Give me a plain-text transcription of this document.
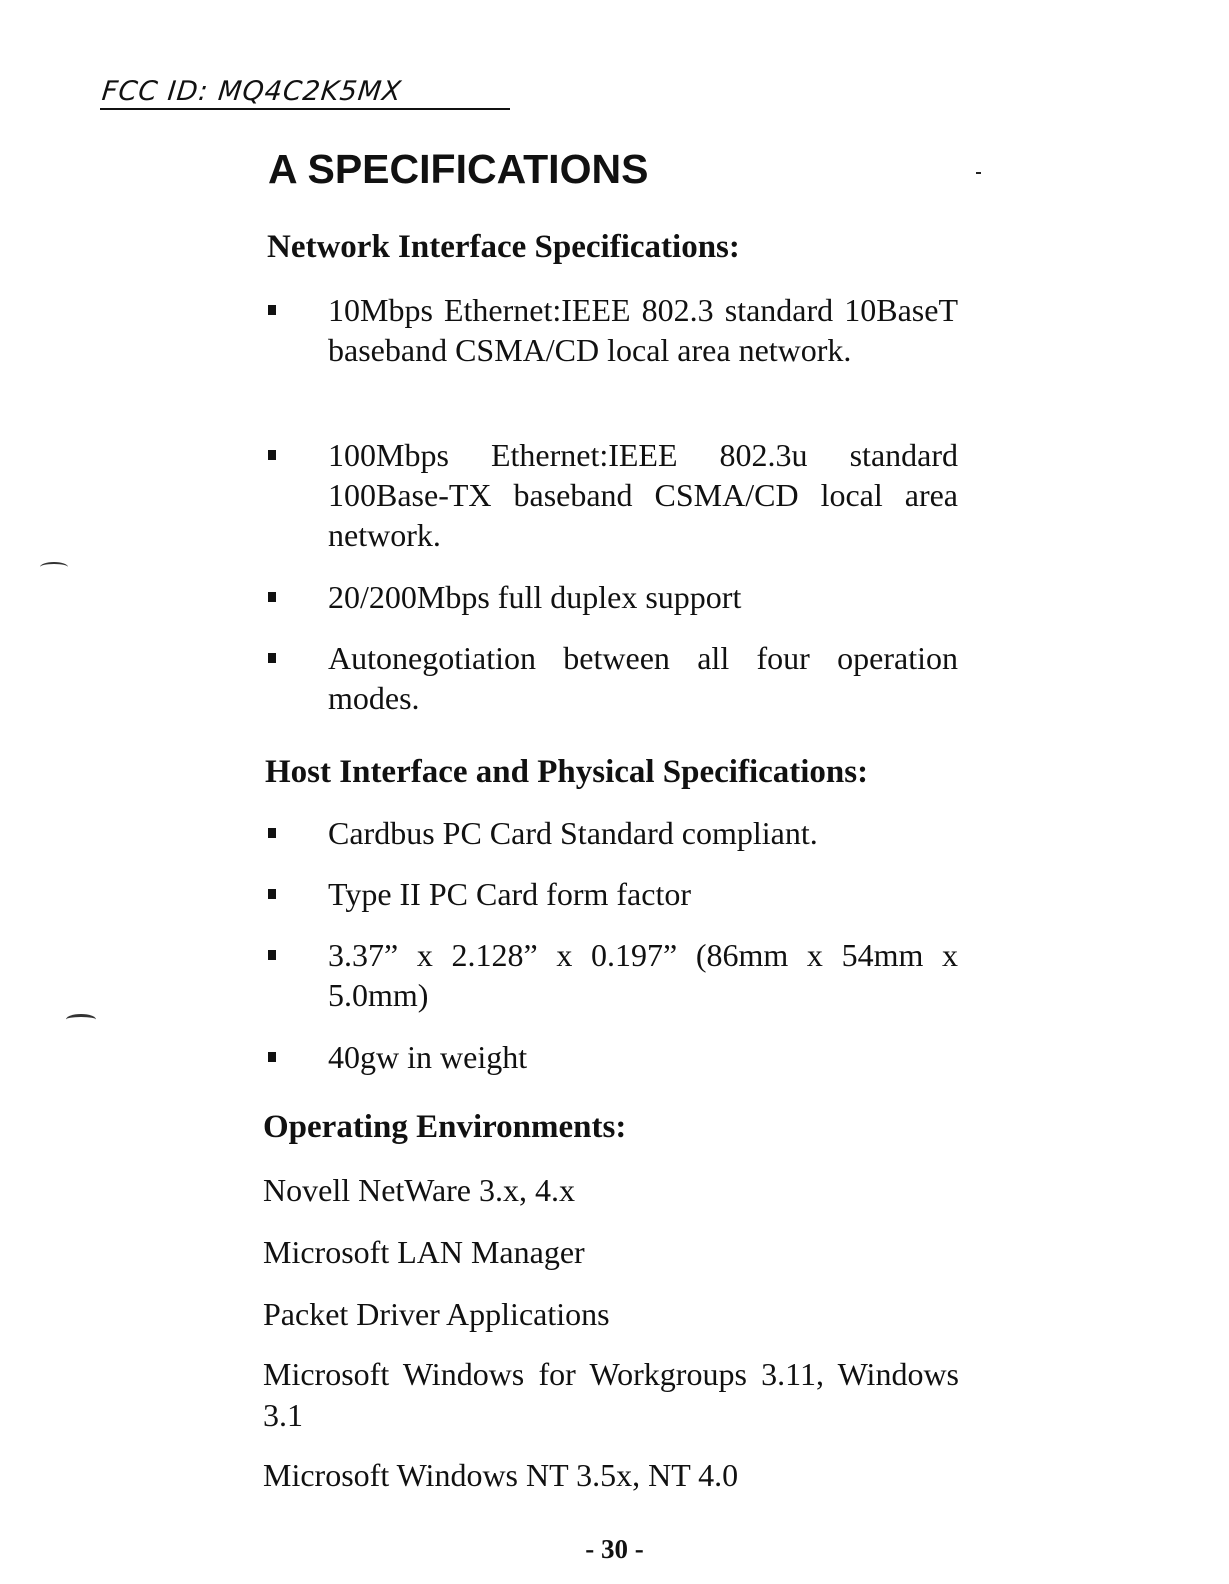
FCC ID: MQ4C2K5MX
A SPECIFICATIONS
Network Interface Specifications:
10Mbps Ethernet:IEEE 802.3 standard 10BaseT baseband CSMA/CD local area network.
100Mbps Ethernet:IEEE 802.3u standard 100Base-TX baseband CSMA/CD local area network.
20/200Mbps full duplex support
Autonegotiation between all four operation modes.
Host Interface and Physical Specifications:
Cardbus PC Card Standard compliant.
Type II PC Card form factor
3.37” x 2.128” x 0.197” (86mm x 54mm x 5.0mm)
40gw in weight
Operating Environments:
Novell NetWare 3.x, 4.x
Microsoft LAN Manager
Packet Driver Applications
Microsoft Windows for Workgroups 3.11, Windows 3.1
Microsoft Windows NT 3.5x, NT 4.0
- 30 -
